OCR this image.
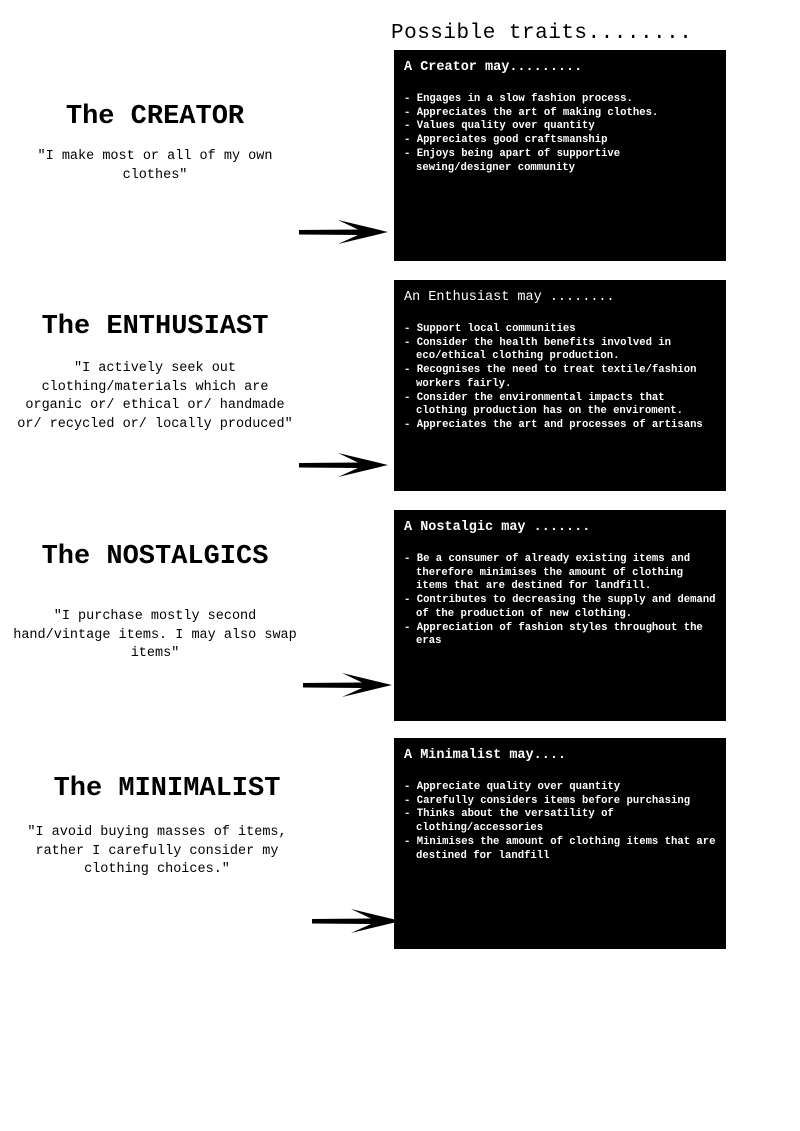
Possible traits........
The CREATOR
"I make most or all of my own clothes"
A Creator may.........
- Engages in a slow fashion process.
- Appreciates the art of making clothes.
- Values quality over quantity
- Appreciates good craftsmanship
- Enjoys being apart of supportive sewing/designer community
The ENTHUSIAST
"I actively seek out clothing/materials which are organic or/ ethical or/ handmade or/ recycled or/ locally produced"
An Enthusiast may ........
- Support local communities
- Consider the health benefits involved in eco/ethical clothing production.
- Recognises the need to treat textile/fashion workers fairly.
- Consider the environmental impacts that clothing production has on the enviroment.
- Appreciates the art and processes of artisans
The NOSTALGICS
"I purchase mostly second hand/vintage items. I may also swap items"
A Nostalgic may .......
- Be a consumer of already existing items and therefore minimises the amount of clothing items that are destined for landfill.
- Contributes to decreasing the supply and demand of the production of new clothing.
- Appreciation of fashion styles throughout the eras
The MINIMALIST
"I avoid buying masses of items, rather I carefully consider my clothing choices."
A Minimalist may....
- Appreciate quality over quantity
- Carefully considers items before purchasing
- Thinks about the versatility of clothing/accessories
- Minimises the amount of clothing items that are destined for landfill
